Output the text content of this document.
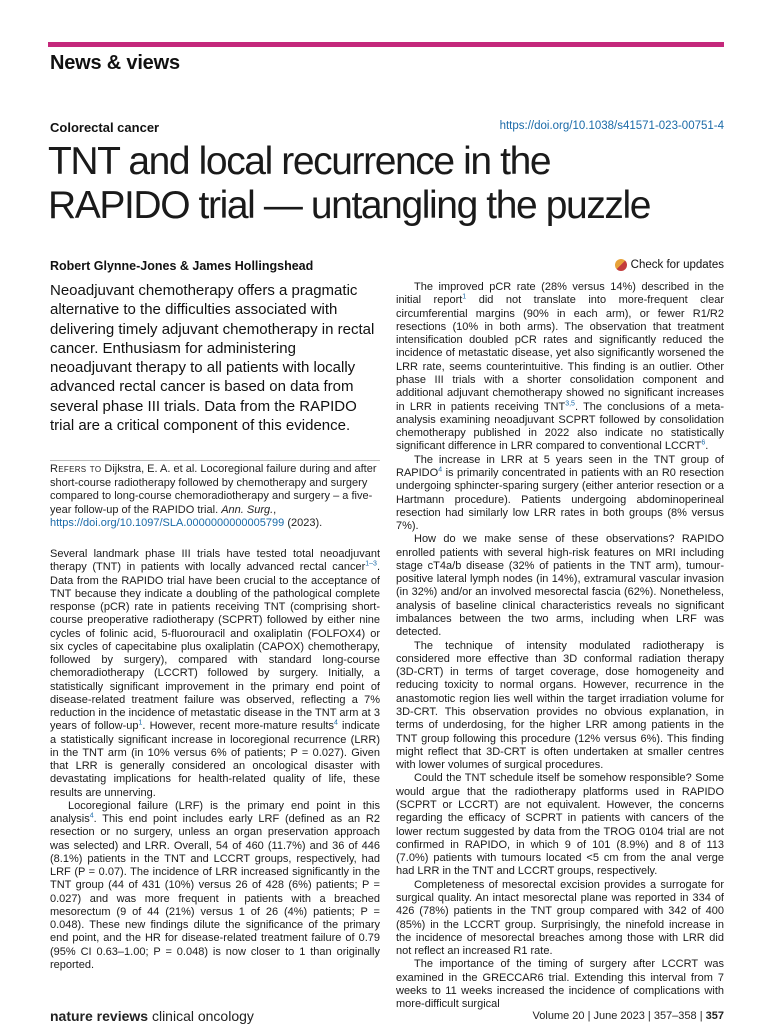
News & views
Colorectal cancer	https://doi.org/10.1038/s41571-023-00751-4
TNT and local recurrence in the
RAPIDO trial — untangling the puzzle
Robert Glynne-Jones & James Hollingshead	Check for updates
Neoadjuvant chemotherapy offers a pragmatic alternative to the difficulties associated with delivering timely adjuvant chemotherapy in rectal cancer. Enthusiasm for administering neoadjuvant therapy to all patients with locally advanced rectal cancer is based on data from several phase III trials. Data from the RAPIDO trial are a critical component of this evidence.
Refers to Dijkstra, E. A. et al. Locoregional failure during and after short-course radiotherapy followed by chemotherapy and surgery compared to long-course chemoradiotherapy and surgery – a five-year follow-up of the RAPIDO trial. Ann. Surg., https://doi.org/10.1097/SLA.0000000000005799 (2023).

Several landmark phase III trials have tested total neoadjuvant therapy (TNT) in patients with locally advanced rectal cancer$^{1-3}$. Data from the RAPIDO trial have been crucial to the acceptance of TNT because they indicate a doubling of the pathological complete response (pCR) rate in patients receiving TNT (comprising short-course preoperative radiotherapy (SCPRT) followed by either nine cycles of folinic acid, 5-fluorouracil and oxaliplatin (FOLFOX4) or six cycles of capecitabine plus oxaliplatin (CAPOX) chemotherapy, followed by surgery), compared with standard long-course chemoradiotherapy (LCCRT) followed by surgery. Initially, a statistically significant improvement in the primary end point of disease-related treatment failure was observed, reflecting a 7% reduction in the incidence of metastatic disease in the TNT arm at 3 years of follow-$up^1$. However, recent more-mature results$^4$ indicate a statistically significant increase in locoregional recurrence (LRR) in the TNT arm (in 10% versus 6% of patients; P = 0.027). Given that LRR is generally considered an oncological disaster with devastating implications for health-related quality of life, these results are unnerving.

Locoregional failure (LRF) is the primary end point in this analysis$^4$. This end point includes early LRF (defined as an R2 resection or no surgery, unless an organ preservation approach was selected) and LRR. Overall, 54 of 460 (11.7%) and 36 of 446 (8.1%) patients in the TNT and LCCRT groups, respectively, had LRF (P = 0.07). The incidence of LRR increased significantly in the TNT group (44 of 431 (10%) versus 26 of 428 (6%) patients; P = 0.027) and was more frequent in patients with a breached mesorectum (9 of 44 (21%) versus 1 of 26 (4%) patients; P = 0.048). These new findings dilute the significance of the primary end point, and the HR for disease-related treatment failure of 0.79 (95% CI 0.63–1.00; P = 0.048) is now closer to 1 than originally reported.

The improved pCR rate (28% versus 14%) described in the initial report$^1$ did not translate into more-frequent clear circumferential margins (90% in each arm), or fewer R1/R2 resections (10% in both arms). The observation that treatment intensification doubled pCR rates and significantly reduced the incidence of metastatic disease, yet also significantly worsened the LRR rate, seems counterintuitive. This finding is an outlier. Other phase III trials with a shorter consolidation component and additional adjuvant chemotherapy showed no significant increases in LRR in patients receiving TNT$^{3,5}$. The conclusions of a meta-analysis examining neoadjuvant SCPRT followed by consolidation chemotherapy published in 2022 also indicate no statistically significant difference in LRR compared to conventional LCCRT$^6$.

The increase in LRR at 5 years seen in the TNT group of RAPIDO$^4$ is primarily concentrated in patients with an R0 resection undergoing sphincter-sparing surgery (either anterior resection or a Hartmann procedure). Patients undergoing abdominoperineal resection had similarly low LRR rates in both groups (8% versus 7%).

How do we make sense of these observations? RAPIDO enrolled patients with several high-risk features on MRI including stage cT4a/b disease (32% of patients in the TNT arm), tumour-positive lateral lymph nodes (in 14%), extramural vascular invasion (in 32%) and/or an involved mesorectal fascia (62%). Nonetheless, analysis of baseline clinical characteristics reveals no significant imbalances between the two arms, including when LRF was detected.

The technique of intensity modulated radiotherapy is considered more effective than 3D conformal radiation therapy (3D-CRT) in terms of target coverage, dose homogeneity and reducing toxicity to normal organs. However, recurrence in the anastomotic region lies well within the target irradiation volume for 3D-CRT. This observation provides no obvious explanation, in terms of underdosing, for the higher LRR among patients in the TNT group following this procedure (12% versus 6%). This finding might reflect that 3D-CRT is often undertaken at smaller centres with lower volumes of surgical procedures.

Could the TNT schedule itself be somehow responsible? Some would argue that the radiotherapy platforms used in RAPIDO (SCPRT or LCCRT) are not equivalent. However, the concerns regarding the efficacy of SCPRT in patients with cancers of the lower rectum suggested by data from the TROG 0104 trial are not confirmed in RAPIDO, in which 9 of 101 (8.9%) and 8 of 113 (7.0%) patients with tumours located <5 cm from the anal verge had LRR in the TNT and LCCRT groups, respectively.

Completeness of mesorectal excision provides a surrogate for surgical quality. An intact mesorectal plane was reported in 334 of 426 (78%) patients in the TNT group compared with 342 of 400 (85%) in the LCCRT group. Surprisingly, the ninefold increase in the incidence of mesorectal breaches among those with LRR did not reflect an increased R1 rate.

The importance of the timing of surgery after LCCRT was examined in the GRECCAR6 trial. Extending this interval from 7 weeks to 11 weeks increased the incidence of complications with more-difficult surgical

nature reviews clinical oncology	Volume 20 | June 2023 | 357–358 | 357
